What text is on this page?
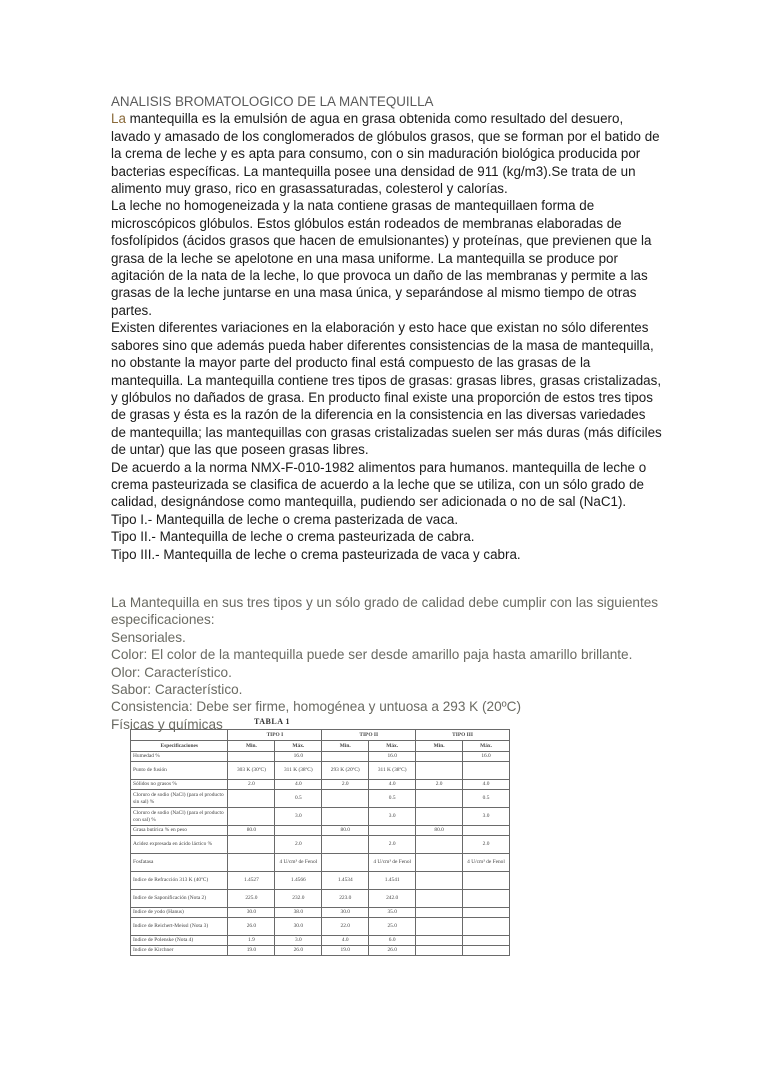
ANALISIS BROMATOLOGICO DE LA MANTEQUILLA

La mantequilla es la emulsión de agua en grasa obtenida como resultado del desuero, lavado y amasado de los conglomerados de glóbulos grasos, que se forman por el batido de la crema de leche y es apta para consumo, con o sin maduración biológica producida por bacterias específicas. La mantequilla posee una densidad de 911 (kg/m3).Se trata de un alimento muy graso, rico en grasassaturadas, colesterol y calorías.

La leche no homogeneizada y la nata contiene grasas de mantequillaen forma de microscópicos glóbulos. Estos glóbulos están rodeados de membranas elaboradas de fosfolípidos (ácidos grasos que hacen de emulsionantes) y proteínas, que previenen que la grasa de la leche se apelotone en una masa uniforme. La mantequilla se produce por agitación de la nata de la leche, lo que provoca un daño de las membranas y permite a las grasas de la leche juntarse en una masa única, y separándose al mismo tiempo de otras partes.

Existen diferentes variaciones en la elaboración y esto hace que existan no sólo diferentes sabores sino que además pueda haber diferentes consistencias de la masa de mantequilla, no obstante la mayor parte del producto final está compuesto de las grasas de la mantequilla. La mantequilla contiene tres tipos de grasas: grasas libres, grasas cristalizadas, y glóbulos no dañados de grasa. En producto final existe una proporción de estos tres tipos de grasas y ésta es la razón de la diferencia en la consistencia en las diversas variedades de mantequilla; las mantequillas con grasas cristalizadas suelen ser más duras (más difíciles de untar) que las que poseen grasas libres.

De acuerdo a la norma NMX-F-010-1982 alimentos para humanos. mantequilla de leche o crema pasteurizada se clasifica de acuerdo a la leche que se utiliza, con un sólo grado de calidad, designándose como mantequilla, pudiendo ser adicionada o no de sal (NaC1).

Tipo I.- Mantequilla de leche o crema pasterizada de vaca.

Tipo II.- Mantequilla de leche o crema pasteurizada de cabra.

Tipo III.- Mantequilla de leche o crema pasteurizada de vaca y cabra.

La Mantequilla en sus tres tipos y un sólo grado de calidad debe cumplir con las siguientes especificaciones:

Sensoriales.

Color: El color de la mantequilla puede ser desde amarillo paja hasta amarillo brillante.

Olor: Característico.

Sabor: Característico.

Consistencia: Debe ser firme, homogénea y untuosa a 293 K (20ºC)

Físicas y químicas	TABLA 1
	TIPO I		TIPO II		TIPO III	
Especificaciones	Min.	Máx.	Min.	Máx.	Min.	Máx.
Humedad %		16.0		16.0		16.0
Punto de fusión	303 K (30ºC)	311 K (38ºC)	293 K (20ºC)	311 K (38ºC)		
Sólidos no grasos %	2.0	4.0	2.0	4.0	2.0	4.0
Cloruro de sodio (NaCl) (para el producto sin sal) %		0.5		0.5		0.5
Cloruro de sodio (NaCl) (para el producto con sal) %		3.0		3.0		3.0
Grasa butírica % en peso	80.0		80.0		80.0	
Acidez expresada en ácido láctico %		2.0		2.0		2.0
Fosfatasa		4 U/cm³ de Fenol		4 U/cm³ de Fenol		4 U/cm³ de Fenol
Indice de Refracción 313 K (40ºC)	1.4527	1.4566	1.4534	1.4541		
Indice de Saponificación (Nota 2)	225.0	232.0	223.0	242.0		
Indice de yodo (Hanus)	30.0	38.0	30.0	35.0		
Indice de Reichert-Meissl (Nota 3)	26.0	30.0	22.0	25.0		
Indice de Polenske (Nota 4)	1.9	3.0	4.0	6.0		
Indice de Kirchner	19.0	26.0	19.0	26.0		
